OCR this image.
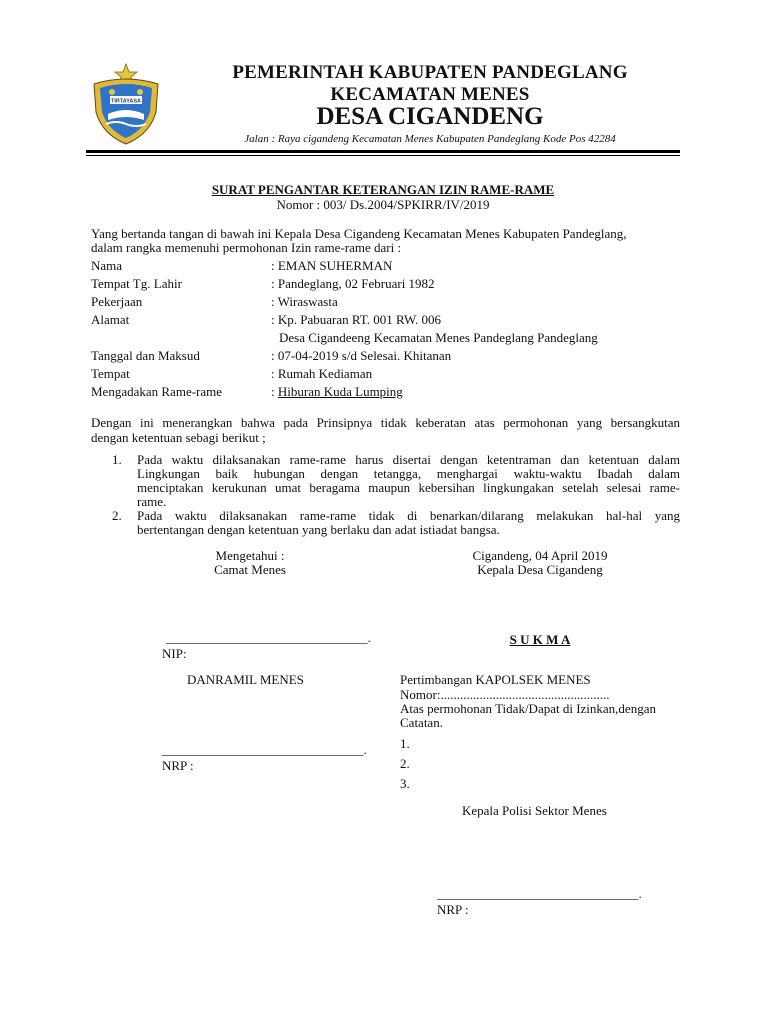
TIRTAYASA
PEMERINTAH KABUPATEN PANDEGLANG
KECAMATAN MENES
DESA CIGANDENG
Jalan : Raya cigandeng Kecamatan Menes Kabupaten Pandeglang Kode Pos 42284
SURAT PENGANTAR KETERANGAN IZIN RAME-RAME
Nomor : 003/ Ds.2004/SPKIRR/IV/2019
Yang bertanda tangan di bawah ini Kepala Desa Cigandeng Kecamatan Menes Kabupaten Pandeglang,
dalam rangka memenuhi permohonan Izin rame-rame dari :
Nama	: EMAN SUHERMAN
Tempat Tg. Lahir	: Pandeglang, 02 Februari 1982
Pekerjaan	: Wiraswasta
Alamat	: Kp. Pabuaran RT. 001 RW. 006
Desa Cigandeeng Kecamatan Menes Pandeglang Pandeglang
Tanggal dan Maksud	: 07-04-2019 s/d Selesai. Khitanan
Tempat	: Rumah Kediaman
Mengadakan Rame-rame	: Hiburan Kuda Lumping
Dengan ini menerangkan bahwa pada Prinsipnya tidak keberatan atas permohonan yang bersangkutan
dengan ketentuan sebagi berikut ;
1. Pada waktu dilaksanakan rame-rame harus disertai dengan ketentraman dan ketentuan dalam
Lingkungan baik hubungan dengan tetangga, menghargai waktu-waktu Ibadah dalam
menciptakan kerukunan umat beragama maupun kebersihan lingkungakan setelah selesai rame-
rame.
2. Pada waktu dilaksanakan rame-rame tidak di benarkan/dilarang melakukan hal-hal yang
bertentangan dengan ketentuan yang berlaku dan adat istiadat bangsa.
Mengetahui :
Camat Menes
Cigandeng, 04 April 2019
Kepala Desa Cigandeng
_______________________________.
NIP:
S U K M A
DANRAMIL MENES
_______________________________.
NRP :
Pertimbangan KAPOLSEK MENES
Nomor:....................................................
Atas permohonan Tidak/Dapat di Izinkan,dengan
Catatan.
1.
2.
3.
Kepala Polisi Sektor Menes
_______________________________.
NRP :
